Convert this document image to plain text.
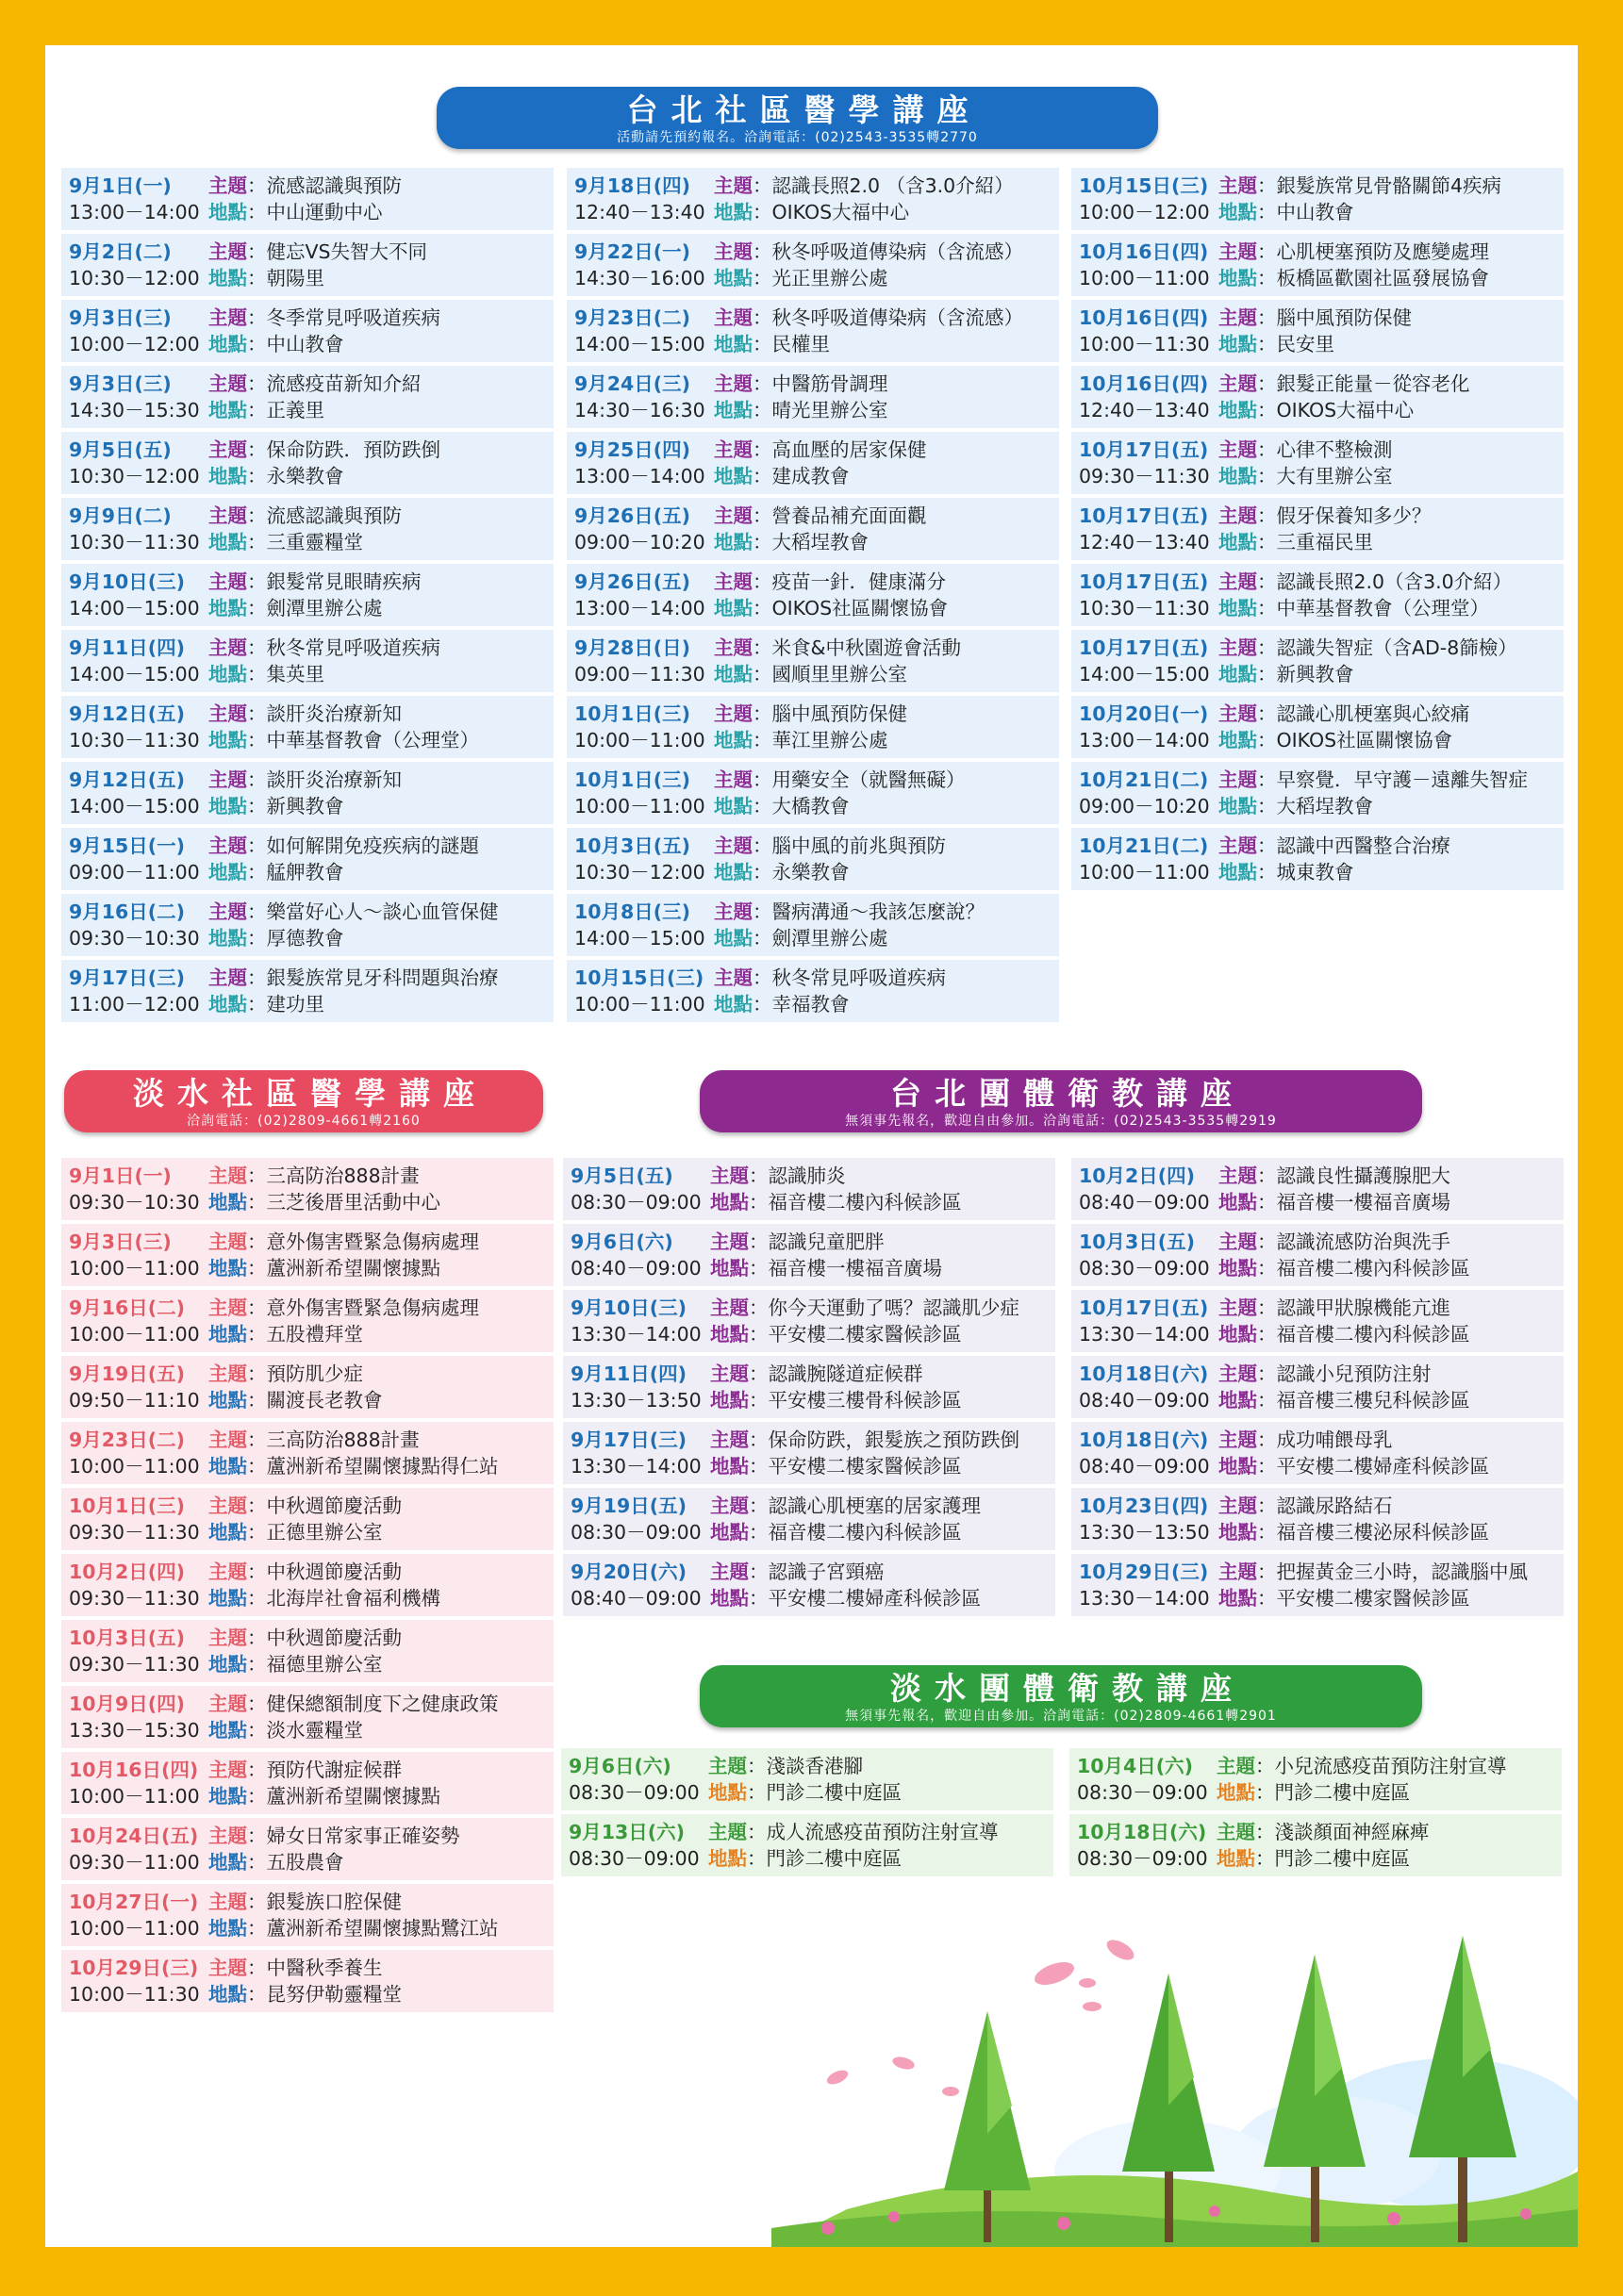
台北社區醫學講座
活動請先預約報名。洽詢電話：(02)2543-3535轉2770
9月1日(一) 主題：流感認識與預防
13:00－14:00 地點：中山運動中心
9月2日(二) 主題：健忘VS失智大不同
10:30－12:00 地點：朝陽里
9月3日(三) 主題：冬季常見呼吸道疾病
10:00－12:00 地點：中山教會
9月3日(三) 主題：流感疫苗新知介紹
14:30－15:30 地點：正義里
9月5日(五) 主題：保命防跌．預防跌倒
10:30－12:00 地點：永樂教會
9月9日(二) 主題：流感認識與預防
10:30－11:30 地點：三重靈糧堂
9月10日(三) 主題：銀髮常見眼睛疾病
14:00－15:00 地點：劍潭里辦公處
9月11日(四) 主題：秋冬常見呼吸道疾病
14:00－15:00 地點：集英里
9月12日(五) 主題：談肝炎治療新知
10:30－11:30 地點：中華基督教會（公理堂）
9月12日(五) 主題：談肝炎治療新知
14:00－15:00 地點：新興教會
9月15日(一) 主題：如何解開免疫疾病的謎題
09:00－11:00 地點：艋舺教會
9月16日(二) 主題：樂當好心人～談心血管保健
09:30－10:30 地點：厚德教會
9月17日(三) 主題：銀髮族常見牙科問題與治療
11:00－12:00 地點：建功里
9月18日(四) 主題：認識長照2.0 （含3.0介紹）
12:40－13:40 地點：OIKOS大福中心
9月22日(一) 主題：秋冬呼吸道傳染病（含流感）
14:30－16:00 地點：光正里辦公處
9月23日(二) 主題：秋冬呼吸道傳染病（含流感）
14:00－15:00 地點：民權里
9月24日(三) 主題：中醫筋骨調理
14:30－16:30 地點：晴光里辦公室
9月25日(四) 主題：高血壓的居家保健
13:00－14:00 地點：建成教會
9月26日(五) 主題：營養品補充面面觀
09:00－10:20 地點：大稻埕教會
9月26日(五) 主題：疫苗一針．健康滿分
13:00－14:00 地點：OIKOS社區關懷協會
9月28日(日) 主題：米食&中秋園遊會活動
09:00－11:30 地點：國順里里辦公室
10月1日(三) 主題：腦中風預防保健
10:00－11:00 地點：華江里辦公處
10月1日(三) 主題：用藥安全（就醫無礙）
10:00－11:00 地點：大橋教會
10月3日(五) 主題：腦中風的前兆與預防
10:30－12:00 地點：永樂教會
10月8日(三) 主題：醫病溝通～我該怎麼說？
14:00－15:00 地點：劍潭里辦公處
10月15日(三) 主題：秋冬常見呼吸道疾病
10:00－11:00 地點：幸福教會
10月15日(三) 主題：銀髮族常見骨骼關節4疾病
10:00－12:00 地點：中山教會
10月16日(四) 主題：心肌梗塞預防及應變處理
10:00－11:00 地點：板橋區歡園社區發展協會
10月16日(四) 主題：腦中風預防保健
10:00－11:30 地點：民安里
10月16日(四) 主題：銀髮正能量－從容老化
12:40－13:40 地點：OIKOS大福中心
10月17日(五) 主題：心律不整檢測
09:30－11:30 地點：大有里辦公室
10月17日(五) 主題：假牙保養知多少？
12:40－13:40 地點：三重福民里
10月17日(五) 主題：認識長照2.0（含3.0介紹）
10:30－11:30 地點：中華基督教會（公理堂）
10月17日(五) 主題：認識失智症（含AD-8篩檢）
14:00－15:00 地點：新興教會
10月20日(一) 主題：認識心肌梗塞與心絞痛
13:00－14:00 地點：OIKOS社區關懷協會
10月21日(二) 主題：早察覺．早守護－遠離失智症
09:00－10:20 地點：大稻埕教會
10月21日(二) 主題：認識中西醫整合治療
10:00－11:00 地點：城東教會
淡水社區醫學講座
洽詢電話：(02)2809-4661轉2160
9月1日(一) 主題：三高防治888計畫
09:30－10:30 地點：三芝後厝里活動中心
9月3日(三) 主題：意外傷害暨緊急傷病處理
10:00－11:00 地點：蘆洲新希望關懷據點
9月16日(二) 主題：意外傷害暨緊急傷病處理
10:00－11:00 地點：五股禮拜堂
9月19日(五) 主題：預防肌少症
09:50－11:10 地點：關渡長老教會
9月23日(二) 主題：三高防治888計畫
10:00－11:00 地點：蘆洲新希望關懷據點得仁站
10月1日(三) 主題：中秋週節慶活動
09:30－11:30 地點：正德里辦公室
10月2日(四) 主題：中秋週節慶活動
09:30－11:30 地點：北海岸社會福利機構
10月3日(五) 主題：中秋週節慶活動
09:30－11:30 地點：福德里辦公室
10月9日(四) 主題：健保總額制度下之健康政策
13:30－15:30 地點：淡水靈糧堂
10月16日(四) 主題：預防代謝症候群
10:00－11:00 地點：蘆洲新希望關懷據點
10月24日(五) 主題：婦女日常家事正確姿勢
09:30－11:00 地點：五股農會
10月27日(一) 主題：銀髮族口腔保健
10:00－11:00 地點：蘆洲新希望關懷據點鷺江站
10月29日(三) 主題：中醫秋季養生
10:00－11:30 地點：昆努伊勒靈糧堂
台北團體衛教講座
無須事先報名，歡迎自由參加。洽詢電話：(02)2543-3535轉2919
9月5日(五) 主題：認識肺炎
08:30－09:00 地點：福音樓二樓內科候診區
9月6日(六) 主題：認識兒童肥胖
08:40－09:00 地點：福音樓一樓福音廣場
9月10日(三) 主題：你今天運動了嗎？認識肌少症
13:30－14:00 地點：平安樓二樓家醫候診區
9月11日(四) 主題：認識腕隧道症候群
13:30－13:50 地點：平安樓三樓骨科候診區
9月17日(三) 主題：保命防跌，銀髮族之預防跌倒
13:30－14:00 地點：平安樓二樓家醫候診區
9月19日(五) 主題：認識心肌梗塞的居家護理
08:30－09:00 地點：福音樓二樓內科候診區
9月20日(六) 主題：認識子宮頸癌
08:40－09:00 地點：平安樓二樓婦產科候診區
10月2日(四) 主題：認識良性攝護腺肥大
08:40－09:00 地點：福音樓一樓福音廣場
10月3日(五) 主題：認識流感防治與洗手
08:30－09:00 地點：福音樓二樓內科候診區
10月17日(五) 主題：認識甲狀腺機能亢進
13:30－14:00 地點：福音樓二樓內科候診區
10月18日(六) 主題：認識小兒預防注射
08:40－09:00 地點：福音樓三樓兒科候診區
10月18日(六) 主題：成功哺餵母乳
08:40－09:00 地點：平安樓二樓婦產科候診區
10月23日(四) 主題：認識尿路結石
13:30－13:50 地點：福音樓三樓泌尿科候診區
10月29日(三) 主題：把握黃金三小時，認識腦中風
13:30－14:00 地點：平安樓二樓家醫候診區
淡水團體衛教講座
無須事先報名，歡迎自由參加。洽詢電話：(02)2809-4661轉2901
9月6日(六) 主題：淺談香港腳
08:30－09:00 地點：門診二樓中庭區
9月13日(六) 主題：成人流感疫苗預防注射宣導
08:30－09:00 地點：門診二樓中庭區
10月4日(六) 主題：小兒流感疫苗預防注射宣導
08:30－09:00 地點：門診二樓中庭區
10月18日(六) 主題：淺談顏面神經麻痺
08:30－09:00 地點：門診二樓中庭區
